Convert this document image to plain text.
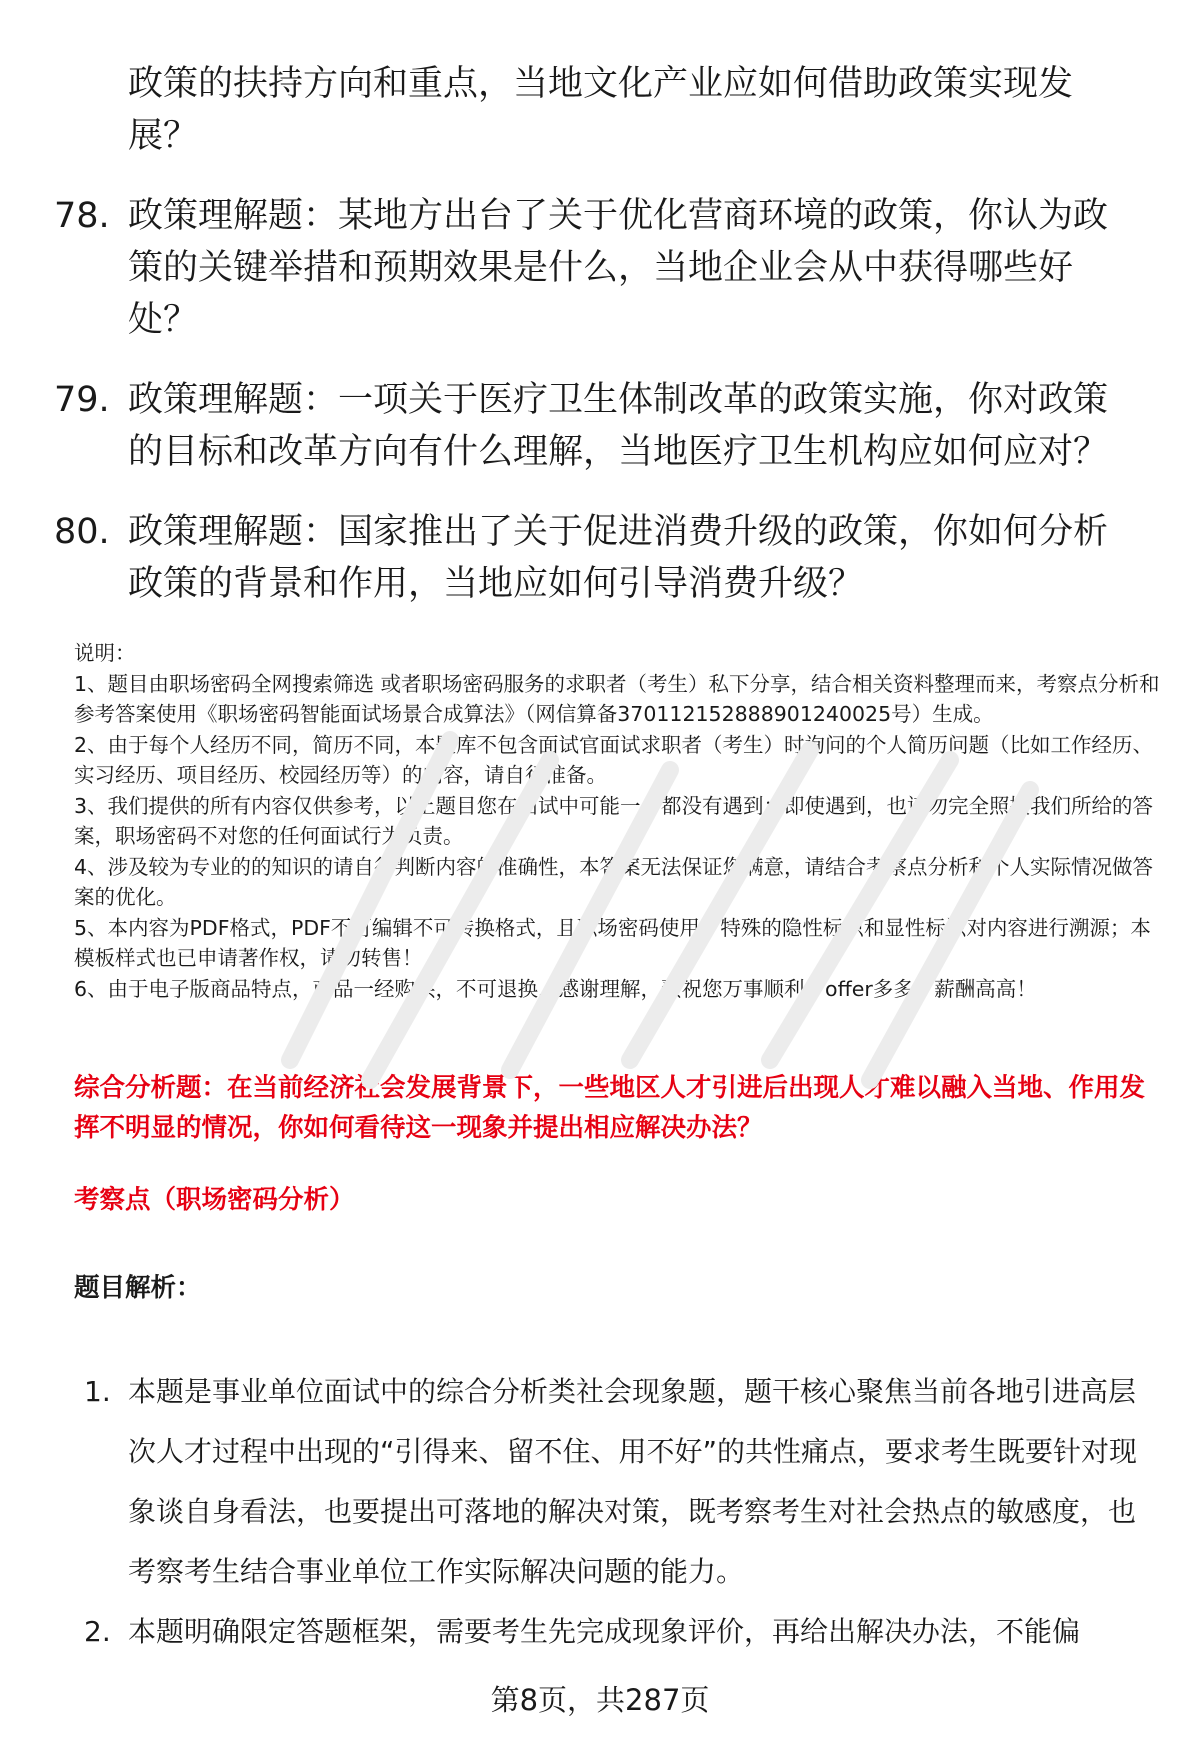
政策的扶持方向和重点，当地文化产业应如何借助政策实现发展？
78. 政策理解题：某地方出台了关于优化营商环境的政策，你认为政策的关键举措和预期效果是什么，当地企业会从中获得哪些好处？
79. 政策理解题：一项关于医疗卫生体制改革的政策实施，你对政策的目标和改革方向有什么理解，当地医疗卫生机构应如何应对？
80. 政策理解题：国家推出了关于促进消费升级的政策，你如何分析政策的背景和作用，当地应如何引导消费升级？

说明：

1、题目由职场密码全网搜索筛选 或者职场密码服务的求职者（考生）私下分享，结合相关资料整理而来，考察点分析和参考答案使用《职场密码智能面试场景合成算法》（网信算备370112152888901240025号）生成。

2、由于每个人经历不同，简历不同，本题库不包含面试官面试求职者（考生）时询问的个人简历问题（比如工作经历、实习经历、项目经历、校园经历等）的内容，请自行准备。

3、我们提供的所有内容仅供参考，以上题目您在面试中可能一个都没有遇到；即使遇到，也请勿完全照搬我们所给的答案，职场密码不对您的任何面试行为负责。

4、涉及较为专业的的知识的请自行判断内容的准确性，本答案无法保证您满意，请结合考察点分析和个人实际情况做答案的优化。

5、本内容为PDF格式，PDF不可编辑不可转换格式，且职场密码使用了特殊的隐性标识和显性标识对内容进行溯源；本模板样式也已申请著作权，请勿转售！

6、由于电子版商品特点，商品一经购买，不可退换，感谢理解，预祝您万事顺利，offer多多，薪酬高高！

综合分析题：在当前经济社会发展背景下，一些地区人才引进后出现人才难以融入当地、作用发挥不明显的情况，你如何看待这一现象并提出相应解决办法？
考察点（职场密码分析）
题目解析：
1. 本题是事业单位面试中的综合分析类社会现象题，题干核心聚焦当前各地引进高层次人才过程中出现的“引得来、留不住、用不好”的共性痛点，要求考生既要针对现象谈自身看法，也要提出可落地的解决对策，既考察考生对社会热点的敏感度，也考察考生结合事业单位工作实际解决问题的能力。
2. 本题明确限定答题框架，需要考生先完成现象评价，再给出解决办法，不能偏
第8页，共287页
